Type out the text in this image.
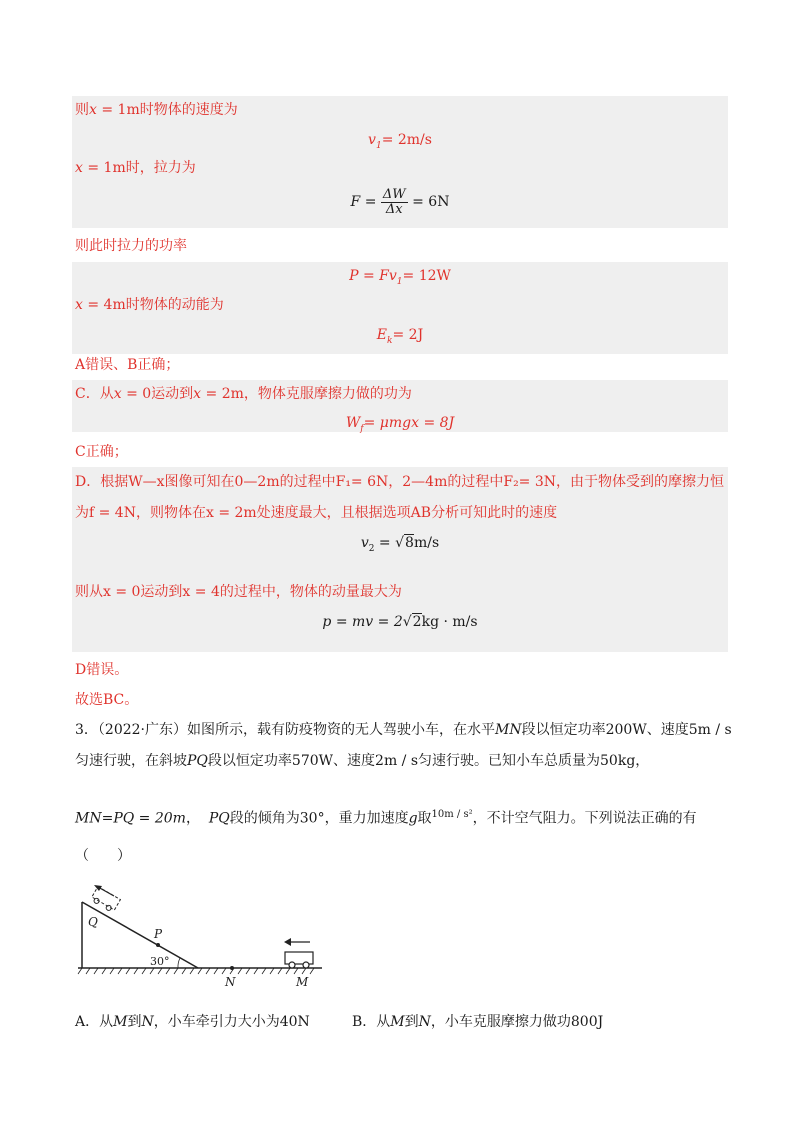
则x = 1m时物体的速度为
$v_1= 2m/s$
x = 1m时，拉力为
$F = \frac{\Delta W}{\Delta x} = 6N$
则此时拉力的功率
$P = Fv_1= 12W$
x = 4m时物体的动能为
$E_k= 2J$
A错误、B正确；
C．从x = 0运动到x = 2m，物体克服摩擦力做的功为
$W_f= \mu mgx = 8J$
C正确；
D．根据W—x图像可知在0—2m的过程中F₁= 6N，2—4m的过程中F₂= 3N，由于物体受到的摩擦力恒
为f = 4N，则物体在x = 2m处速度最大，且根据选项AB分析可知此时的速度
$v_2 = √8m/s$
则从x = 0运动到x = 4的过程中，物体的动量最大为
p = mv = 2√2kg · m/s
D错误。
故选BC。
3．（2022·广东）如图所示，载有防疫物资的无人驾驶小车，在水平MN段以恒定功率200W、速度5m / s
匀速行驶，在斜坡PQ段以恒定功率570W、速度2m / s匀速行驶。已知小车总质量为50kg，
MN=PQ = 20m， PQ段的倾角为30°，重力加速度g取$^{10m / s^2}$，不计空气阻力。下列说法正确的有
（　　）
Q
P
30°
N	M
A．从M到N，小车牵引力大小为40N	B．从M到N，小车克服摩擦力做功800J
